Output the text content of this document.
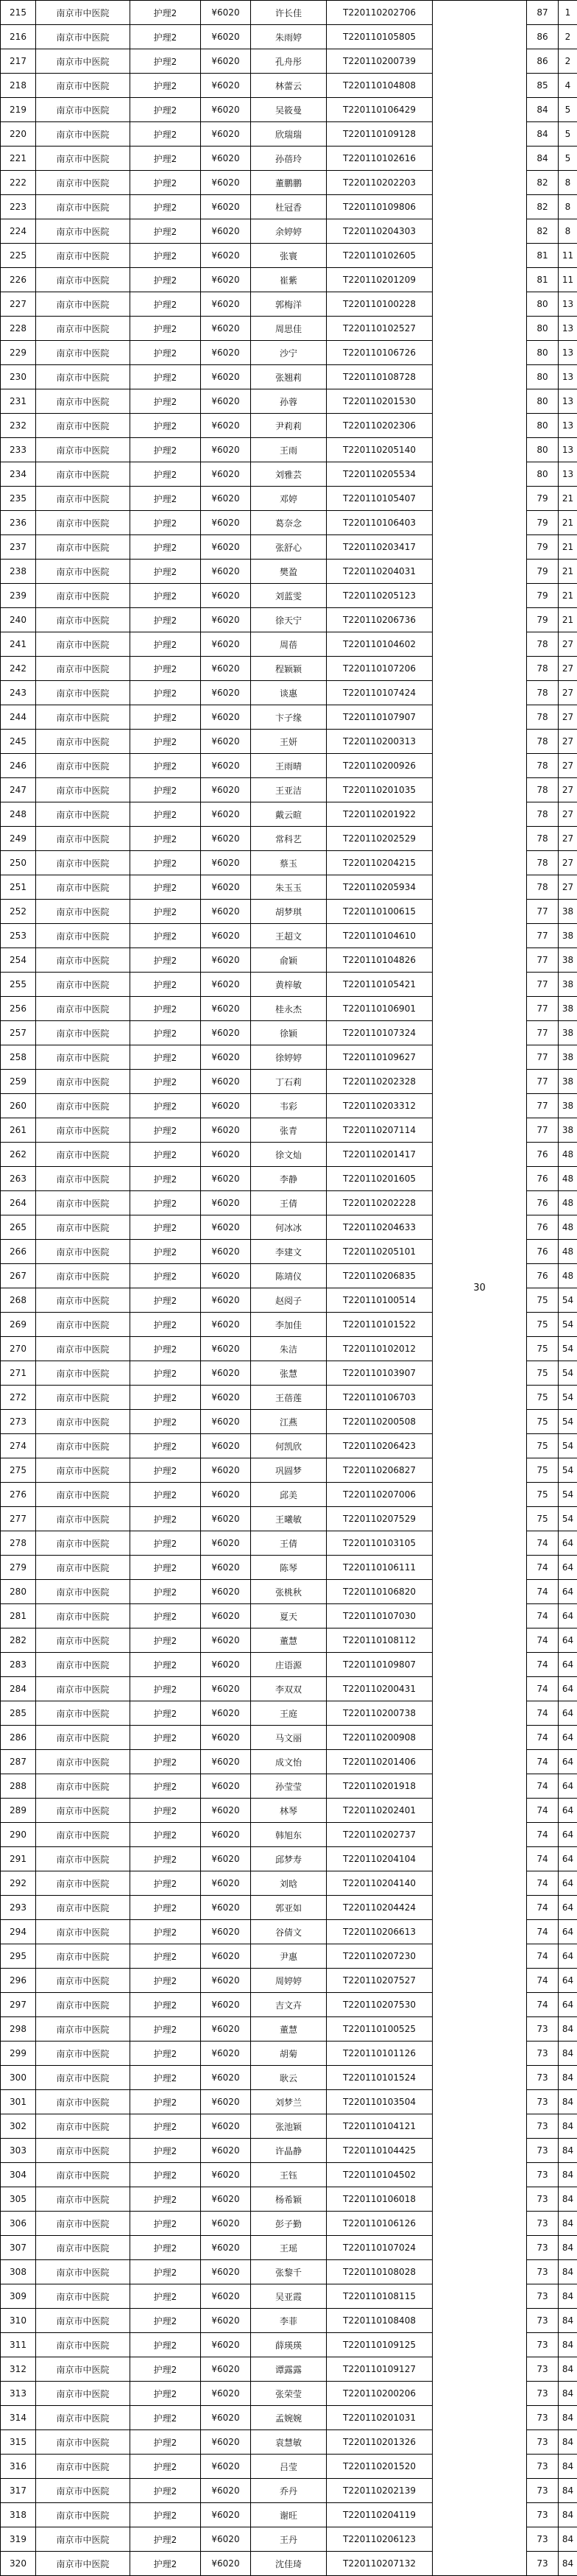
215	南京市中医院	护理2	¥6020	许长佳	T220110202706	30	87	1
216	南京市中医院	护理2	¥6020	朱雨婷	T220110105805		86	2
217	南京市中医院	护理2	¥6020	孔舟彤	T220110200739		86	2
218	南京市中医院	护理2	¥6020	林蕾云	T220110104808		85	4
219	南京市中医院	护理2	¥6020	吴筱曼	T220110106429		84	5
220	南京市中医院	护理2	¥6020	欣瑞瑞	T220110109128		84	5
221	南京市中医院	护理2	¥6020	孙蓓玲	T220110102616		84	5
222	南京市中医院	护理2	¥6020	董鹏鹏	T220110202203		82	8
223	南京市中医院	护理2	¥6020	杜冠香	T220110109806		82	8
224	南京市中医院	护理2	¥6020	余婷婷	T220110204303		82	8
225	南京市中医院	护理2	¥6020	张寰	T220110102605		81	11
226	南京市中医院	护理2	¥6020	崔紫	T220110201209		81	11
227	南京市中医院	护理2	¥6020	郭梅洋	T220110100228		80	13
228	南京市中医院	护理2	¥6020	周思佳	T220110102527		80	13
229	南京市中医院	护理2	¥6020	沙宁	T220110106726		80	13
230	南京市中医院	护理2	¥6020	张翘莉	T220110108728		80	13
231	南京市中医院	护理2	¥6020	孙蓉	T220110201530		80	13
232	南京市中医院	护理2	¥6020	尹莉莉	T220110202306		80	13
233	南京市中医院	护理2	¥6020	王雨	T220110205140		80	13
234	南京市中医院	护理2	¥6020	刘雅芸	T220110205534		80	13
235	南京市中医院	护理2	¥6020	邓婷	T220110105407		79	21
236	南京市中医院	护理2	¥6020	葛奈念	T220110106403		79	21
237	南京市中医院	护理2	¥6020	张舒心	T220110203417		79	21
238	南京市中医院	护理2	¥6020	樊盈	T220110204031		79	21
239	南京市中医院	护理2	¥6020	刘蓝雯	T220110205123		79	21
240	南京市中医院	护理2	¥6020	徐天宁	T220110206736		79	21
241	南京市中医院	护理2	¥6020	周蓓	T220110104602		78	27
242	南京市中医院	护理2	¥6020	程颖颖	T220110107206		78	27
243	南京市中医院	护理2	¥6020	谈惠	T220110107424		78	27
244	南京市中医院	护理2	¥6020	卞子缘	T220110107907		78	27
245	南京市中医院	护理2	¥6020	王妍	T220110200313		78	27
246	南京市中医院	护理2	¥6020	王雨晴	T220110200926		78	27
247	南京市中医院	护理2	¥6020	王亚洁	T220110201035		78	27
248	南京市中医院	护理2	¥6020	戴云暄	T220110201922		78	27
249	南京市中医院	护理2	¥6020	常科艺	T220110202529		78	27
250	南京市中医院	护理2	¥6020	蔡玉	T220110204215		78	27
251	南京市中医院	护理2	¥6020	朱玉玉	T220110205934		78	27
252	南京市中医院	护理2	¥6020	胡梦琪	T220110100615		77	38
253	南京市中医院	护理2	¥6020	王超文	T220110104610		77	38
254	南京市中医院	护理2	¥6020	俞颖	T220110104826		77	38
255	南京市中医院	护理2	¥6020	黄梓敏	T220110105421		77	38
256	南京市中医院	护理2	¥6020	桂永杰	T220110106901		77	38
257	南京市中医院	护理2	¥6020	徐颖	T220110107324		77	38
258	南京市中医院	护理2	¥6020	徐婷婷	T220110109627		77	38
259	南京市中医院	护理2	¥6020	丁石莉	T220110202328		77	38
260	南京市中医院	护理2	¥6020	韦彩	T220110203312		77	38
261	南京市中医院	护理2	¥6020	张青	T220110207114		77	38
262	南京市中医院	护理2	¥6020	徐文灿	T220110201417		76	48
263	南京市中医院	护理2	¥6020	李静	T220110201605		76	48
264	南京市中医院	护理2	¥6020	王倩	T220110202228		76	48
265	南京市中医院	护理2	¥6020	何冰冰	T220110204633		76	48
266	南京市中医院	护理2	¥6020	李建文	T220110205101		76	48
267	南京市中医院	护理2	¥6020	陈靖仪	T220110206835		76	48
268	南京市中医院	护理2	¥6020	赵阅子	T220110100514		75	54
269	南京市中医院	护理2	¥6020	李加佳	T220110101522		75	54
270	南京市中医院	护理2	¥6020	朱洁	T220110102012		75	54
271	南京市中医院	护理2	¥6020	张慧	T220110103907		75	54
272	南京市中医院	护理2	¥6020	王蓓莲	T220110106703		75	54
273	南京市中医院	护理2	¥6020	江燕	T220110200508		75	54
274	南京市中医院	护理2	¥6020	何凯欣	T220110206423		75	54
275	南京市中医院	护理2	¥6020	巩圆梦	T220110206827		75	54
276	南京市中医院	护理2	¥6020	邱美	T220110207006		75	54
277	南京市中医院	护理2	¥6020	王曦敏	T220110207529		75	54
278	南京市中医院	护理2	¥6020	王倩	T220110103105		74	64
279	南京市中医院	护理2	¥6020	陈琴	T220110106111		74	64
280	南京市中医院	护理2	¥6020	张桃秋	T220110106820		74	64
281	南京市中医院	护理2	¥6020	夏天	T220110107030		74	64
282	南京市中医院	护理2	¥6020	董慧	T220110108112		74	64
283	南京市中医院	护理2	¥6020	庄语源	T220110109807		74	64
284	南京市中医院	护理2	¥6020	李双双	T220110200431		74	64
285	南京市中医院	护理2	¥6020	王庭	T220110200738		74	64
286	南京市中医院	护理2	¥6020	马文丽	T220110200908		74	64
287	南京市中医院	护理2	¥6020	成文怡	T220110201406		74	64
288	南京市中医院	护理2	¥6020	孙莹莹	T220110201918		74	64
289	南京市中医院	护理2	¥6020	林琴	T220110202401		74	64
290	南京市中医院	护理2	¥6020	韩旭东	T220110202737		74	64
291	南京市中医院	护理2	¥6020	邱梦寿	T220110204104		74	64
292	南京市中医院	护理2	¥6020	刘晗	T220110204140		74	64
293	南京市中医院	护理2	¥6020	郭亚如	T220110204424		74	64
294	南京市中医院	护理2	¥6020	谷倩文	T220110206613		74	64
295	南京市中医院	护理2	¥6020	尹惠	T220110207230		74	64
296	南京市中医院	护理2	¥6020	周婷婷	T220110207527		74	64
297	南京市中医院	护理2	¥6020	吉文卉	T220110207530		74	64
298	南京市中医院	护理2	¥6020	董慧	T220110100525		73	84
299	南京市中医院	护理2	¥6020	胡菊	T220110101126		73	84
300	南京市中医院	护理2	¥6020	耿云	T220110101524		73	84
301	南京市中医院	护理2	¥6020	刘梦兰	T220110103504		73	84
302	南京市中医院	护理2	¥6020	张池颖	T220110104121		73	84
303	南京市中医院	护理2	¥6020	许晶静	T220110104425		73	84
304	南京市中医院	护理2	¥6020	王钰	T220110104502		73	84
305	南京市中医院	护理2	¥6020	杨希颖	T220110106018		73	84
306	南京市中医院	护理2	¥6020	彭子勤	T220110106126		73	84
307	南京市中医院	护理2	¥6020	王瑶	T220110107024		73	84
308	南京市中医院	护理2	¥6020	张黎千	T220110108028		73	84
309	南京市中医院	护理2	¥6020	吴亚霞	T220110108115		73	84
310	南京市中医院	护理2	¥6020	李菲	T220110108408		73	84
311	南京市中医院	护理2	¥6020	薛瑛瑛	T220110109125		73	84
312	南京市中医院	护理2	¥6020	谭露露	T220110109127		73	84
313	南京市中医院	护理2	¥6020	张荣莹	T220110200206		73	84
314	南京市中医院	护理2	¥6020	孟婉婉	T220110201031		73	84
315	南京市中医院	护理2	¥6020	袁慧敏	T220110201326		73	84
316	南京市中医院	护理2	¥6020	吕莹	T220110201520		73	84
317	南京市中医院	护理2	¥6020	乔丹	T220110202139		73	84
318	南京市中医院	护理2	¥6020	谢旺	T220110204119		73	84
319	南京市中医院	护理2	¥6020	王丹	T220110206123		73	84
320	南京市中医院	护理2	¥6020	沈佳琦	T220110207132		73	84
